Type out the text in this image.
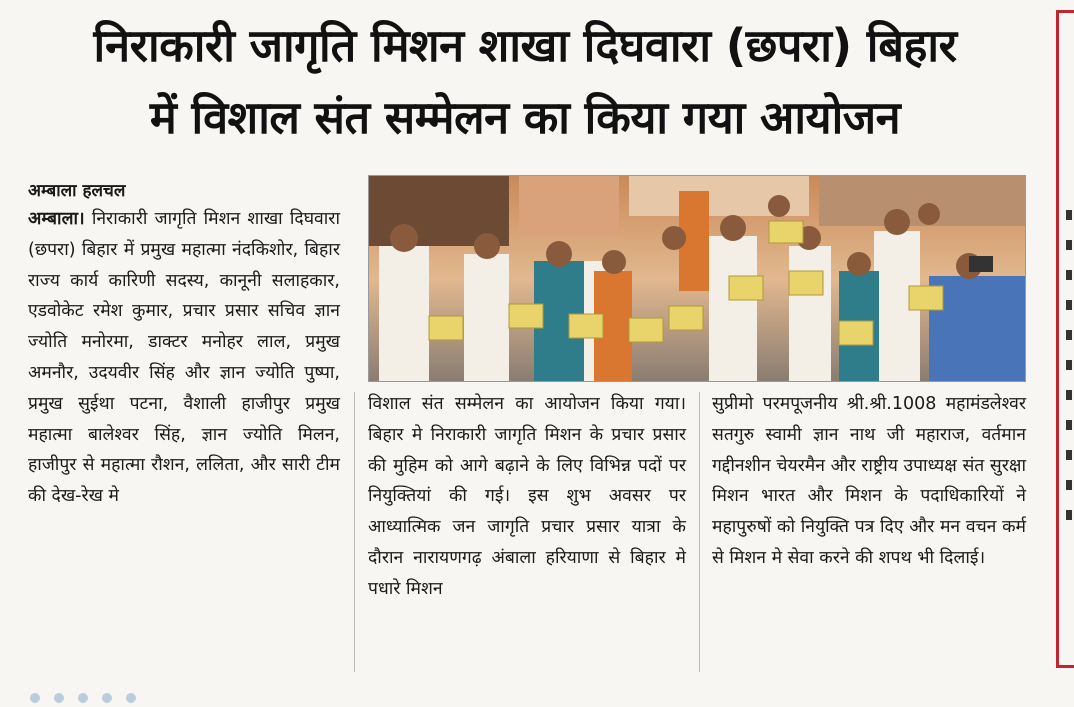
निराकारी जागृति मिशन शाखा दिघवारा (छपरा) बिहार
में विशाल संत सम्मेलन का किया गया आयोजन
अम्बाला हलचल
अम्बाला। निराकारी जागृति मिशन शाखा दिघवारा (छपरा) बिहार में प्रमुख महात्मा नंदकिशोर, बिहार राज्य कार्य कारिणी सदस्य, कानूनी सलाहकार, एडवोकेट रमेश कुमार, प्रचार प्रसार सचिव ज्ञान ज्योति मनोरमा, डाक्टर मनोहर लाल, प्रमुख अमनौर, उदयवीर सिंह और ज्ञान ज्योति पुष्पा, प्रमुख सुईथा पटना, वैशाली हाजीपुर प्रमुख महात्मा बालेश्वर सिंह, ज्ञान ज्योति मिलन, हाजीपुर से महात्मा रौशन, ललिता, और सारी टीम की देख-रेख मे
विशाल संत सम्मेलन का आयोजन किया गया। बिहार मे निराकारी जागृति मिशन के प्रचार प्रसार की मुहिम को आगे बढ़ाने के लिए विभिन्न पदों पर नियुक्तियां की गई। इस शुभ अवसर पर आध्यात्मिक जन जागृति प्रचार प्रसार यात्रा के दौरान नारायणगढ़ अंबाला हरियाणा से बिहार मे पधारे मिशन
सुप्रीमो परमपूजनीय श्री.श्री.1008 महामंडलेश्वर सतगुरु स्वामी ज्ञान नाथ जी महाराज, वर्तमान गद्दीनशीन चेयरमैन और राष्ट्रीय उपाध्यक्ष संत सुरक्षा मिशन भारत और मिशन के पदाधिकारियों ने महापुरुषों को नियुक्ति पत्र दिए और मन वचन कर्म से मिशन मे सेवा करने की शपथ भी दिलाई।
